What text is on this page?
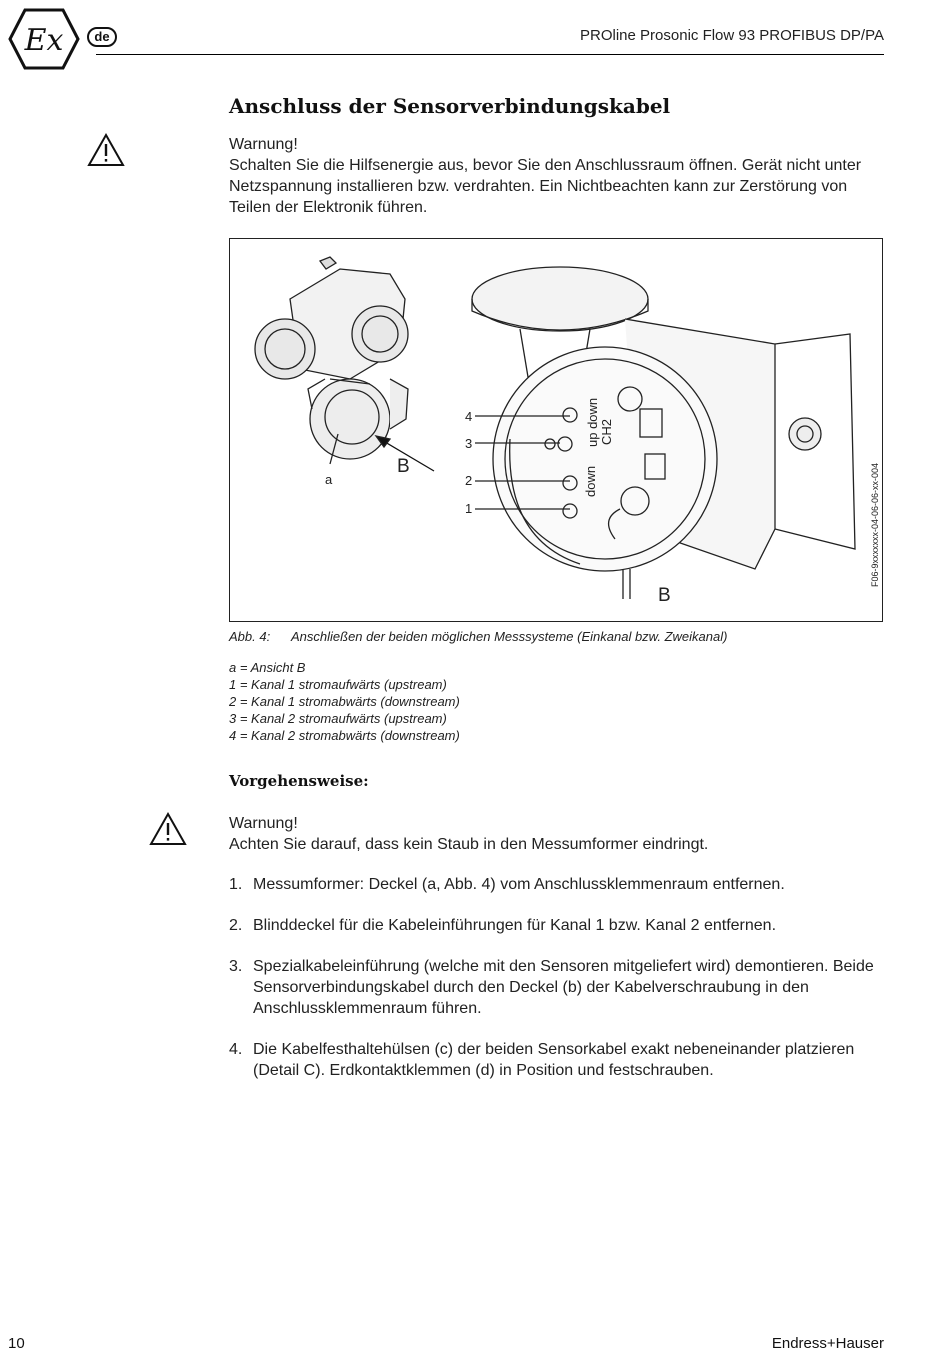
Ex	de	PROline Prosonic Flow 93 PROFIBUS DP/PA
Anschluss der Sensorverbindungskabel
Warnung!
Schalten Sie die Hilfsenergie aus, bevor Sie den Anschlussraum öffnen. Gerät nicht unter Netzspannung installieren bzw. verdrahten. Ein Nichtbeachten kann zur Zerstörung von Teilen der Elektronik führen.
a
B
4
3
2
1
B
up down CH2
down	F06-9xxxxxxx-04-06-06-xx-004
Abb. 4: Anschließen der beiden möglichen Messsysteme (Einkanal bzw. Zweikanal)
a = Ansicht B
1 = Kanal 1 stromaufwärts (upstream)
2 = Kanal 1 stromabwärts (downstream)
3 = Kanal 2 stromaufwärts (upstream)
4 = Kanal 2 stromabwärts (downstream)
Vorgehensweise:
Warnung!
Achten Sie darauf, dass kein Staub in den Messumformer eindringt.
1. Messumformer: Deckel (a, Abb. 4) vom Anschlussklemmenraum entfernen.
2. Blinddeckel für die Kabeleinführungen für Kanal 1 bzw. Kanal 2 entfernen.
3. Spezialkabeleinführung (welche mit den Sensoren mitgeliefert wird) demontieren. Beide Sensorverbindungskabel durch den Deckel (b) der Kabelverschraubung in den Anschlussklemmenraum führen.
4. Die Kabelfesthaltehülsen (c) der beiden Sensorkabel exakt nebeneinander platzieren (Detail C). Erdkontaktklemmen (d) in Position und festschrauben.
10	Endress+Hauser
